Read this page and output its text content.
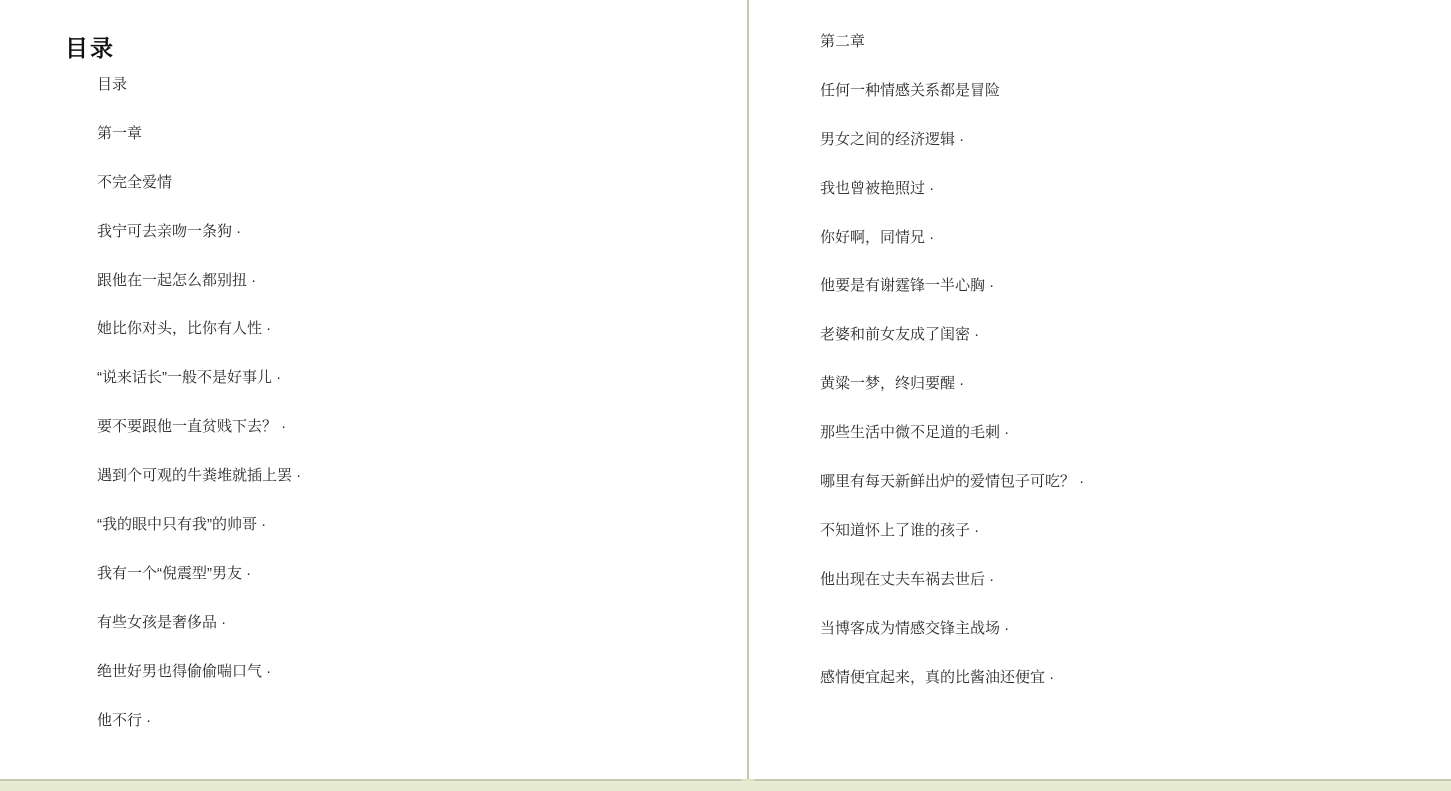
目录
目录
第一章
不完全爱情
我宁可去亲吻一条狗 ·
跟他在一起怎么都别扭 ·
她比你对头，比你有人性 ·
“说来话长”一般不是好事儿 ·
要不要跟他一直贫贱下去？ ·
遇到个可观的牛粪堆就插上罢 ·
“我的眼中只有我”的帅哥 ·
我有一个“倪震型”男友 ·
有些女孩是奢侈品 ·
绝世好男也得偷偷喘口气 ·
他不行 ·
第二章
任何一种情感关系都是冒险
男女之间的经济逻辑 ·
我也曾被艳照过 ·
你好啊，同情兄 ·
他要是有谢霆锋一半心胸 ·
老婆和前女友成了闺密 ·
黄粱一梦，终归要醒 ·
那些生活中微不足道的毛刺 ·
哪里有每天新鲜出炉的爱情包子可吃？ ·
不知道怀上了谁的孩子 ·
他出现在丈夫车祸去世后 ·
当博客成为情感交锋主战场 ·
感情便宜起来，真的比酱油还便宜 ·
